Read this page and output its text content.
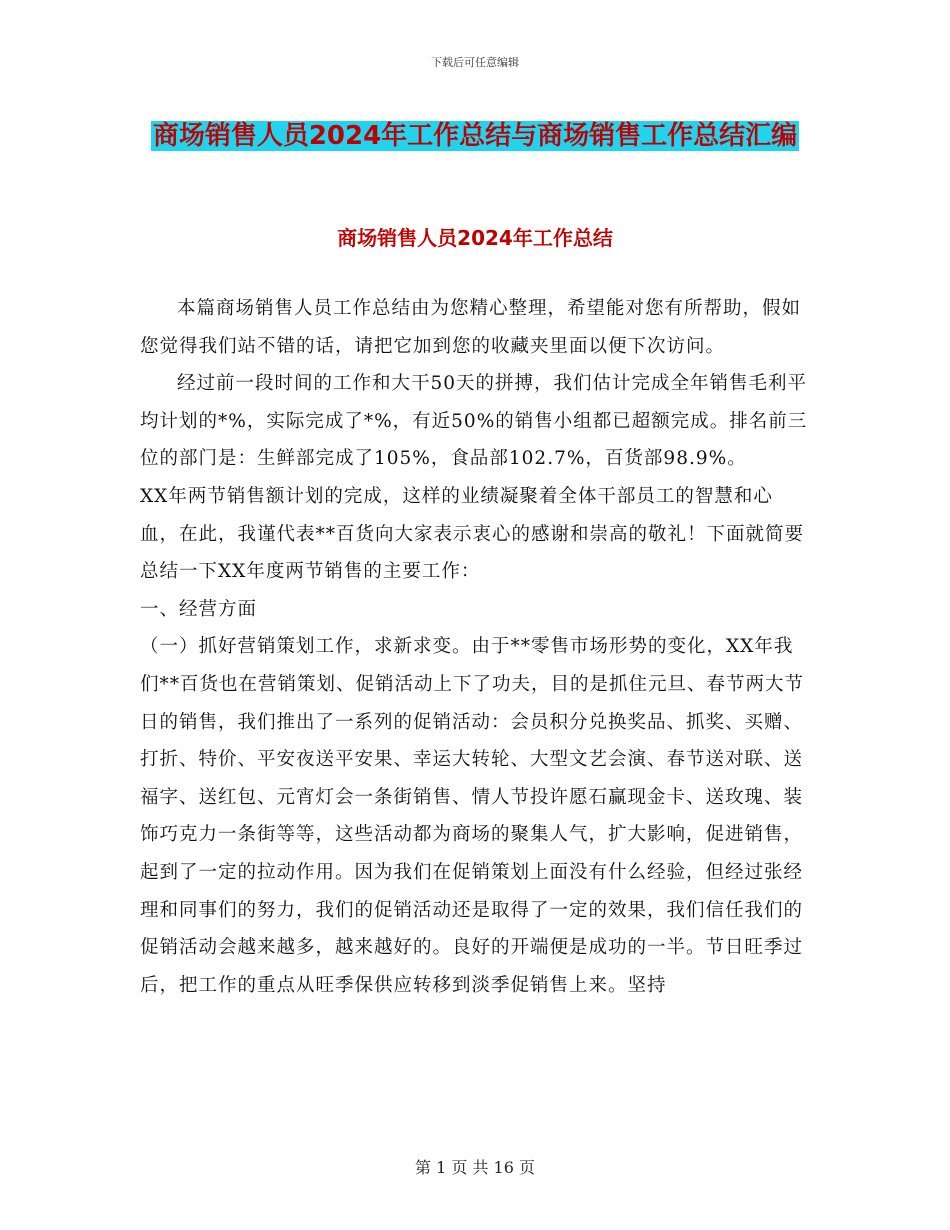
下载后可任意编辑
商场销售人员2024年工作总结与商场销售工作总结汇编
商场销售人员2024年工作总结

本篇商场销售人员工作总结由为您精心整理，希望能对您有所帮助，假如您觉得我们站不错的话，请把它加到您的收藏夹里面以便下次访问。

经过前一段时间的工作和大干50天的拼搏，我们估计完成全年销售毛利平均计划的*%，实际完成了*%，有近50%的销售小组都已超额完成。排名前三位的部门是：生鲜部完成了105%，食品部102.7%，百货部98.9%。

XX年两节销售额计划的完成，这样的业绩凝聚着全体干部员工的智慧和心血，在此，我谨代表**百货向大家表示衷心的感谢和崇高的敬礼！下面就简要总结一下XX年度两节销售的主要工作：

一、经营方面

（一）抓好营销策划工作，求新求变。由于**零售市场形势的变化，XX年我们**百货也在营销策划、促销活动上下了功夫，目的是抓住元旦、春节两大节日的销售，我们推出了一系列的促销活动：会员积分兑换奖品、抓奖、买赠、打折、特价、平安夜送平安果、幸运大转轮、大型文艺会演、春节送对联、送福字、送红包、元宵灯会一条街销售、情人节投许愿石赢现金卡、送玫瑰、装饰巧克力一条街等等，这些活动都为商场的聚集人气，扩大影响，促进销售，起到了一定的拉动作用。因为我们在促销策划上面没有什么经验，但经过张经理和同事们的努力，我们的促销活动还是取得了一定的效果，我们信任我们的促销活动会越来越多，越来越好的。良好的开端便是成功的一半。节日旺季过后，把工作的重点从旺季保供应转移到淡季促销售上来。坚持

第 1 页 共 16 页
